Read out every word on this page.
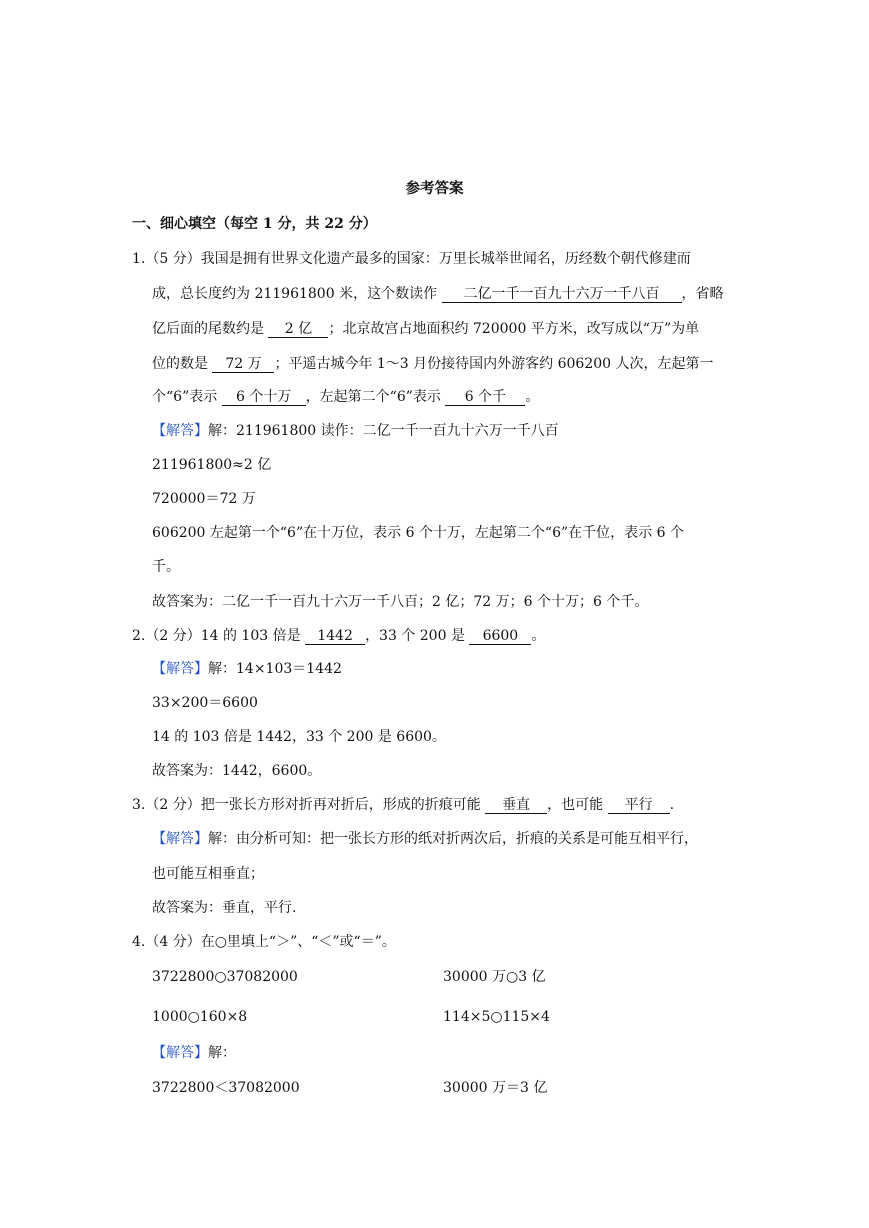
参考答案
一、细心填空（每空 1 分，共 22 分）
1.（5 分）我国是拥有世界文化遗产最多的国家：万里长城举世闻名，历经数个朝代修建而
成，总长度约为 211961800 米，这个数读作 二亿一千一百九十六万一千八百 ，省略
亿后面的尾数约是 2 亿 ；北京故宫占地面积约 720000 平方米，改写成以“万”为单
位的数是 72 万 ；平遥古城今年 1～3 月份接待国内外游客约 606200 人次，左起第一
个“6”表示 6 个十万 ，左起第二个“6”表示 6 个千 。
【解答】解：211961800 读作：二亿一千一百九十六万一千八百
211961800≈2 亿
720000＝72 万
606200 左起第一个“6”在十万位，表示 6 个十万，左起第二个“6”在千位，表示 6 个
千。
故答案为：二亿一千一百九十六万一千八百；2 亿；72 万；6 个十万；6 个千。
2.（2 分）14 的 103 倍是 1442 ，33 个 200 是 6600 。
【解答】解：14×103＝1442
33×200＝6600
14 的 103 倍是 1442，33 个 200 是 6600。
故答案为：1442，6600。
3.（2 分）把一张长方形对折再对折后，形成的折痕可能 垂直 ，也可能 平行 .
【解答】解：由分析可知：把一张长方形的纸对折两次后，折痕的关系是可能互相平行，
也可能互相垂直；
故答案为：垂直，平行.
4.（4 分）在○里填上“＞”、“＜”或“＝”。
3722800○37082000	30000 万○3 亿
1000○160×8	114×5○115×4
【解答】解：
3722800＜37082000	30000 万＝3 亿
